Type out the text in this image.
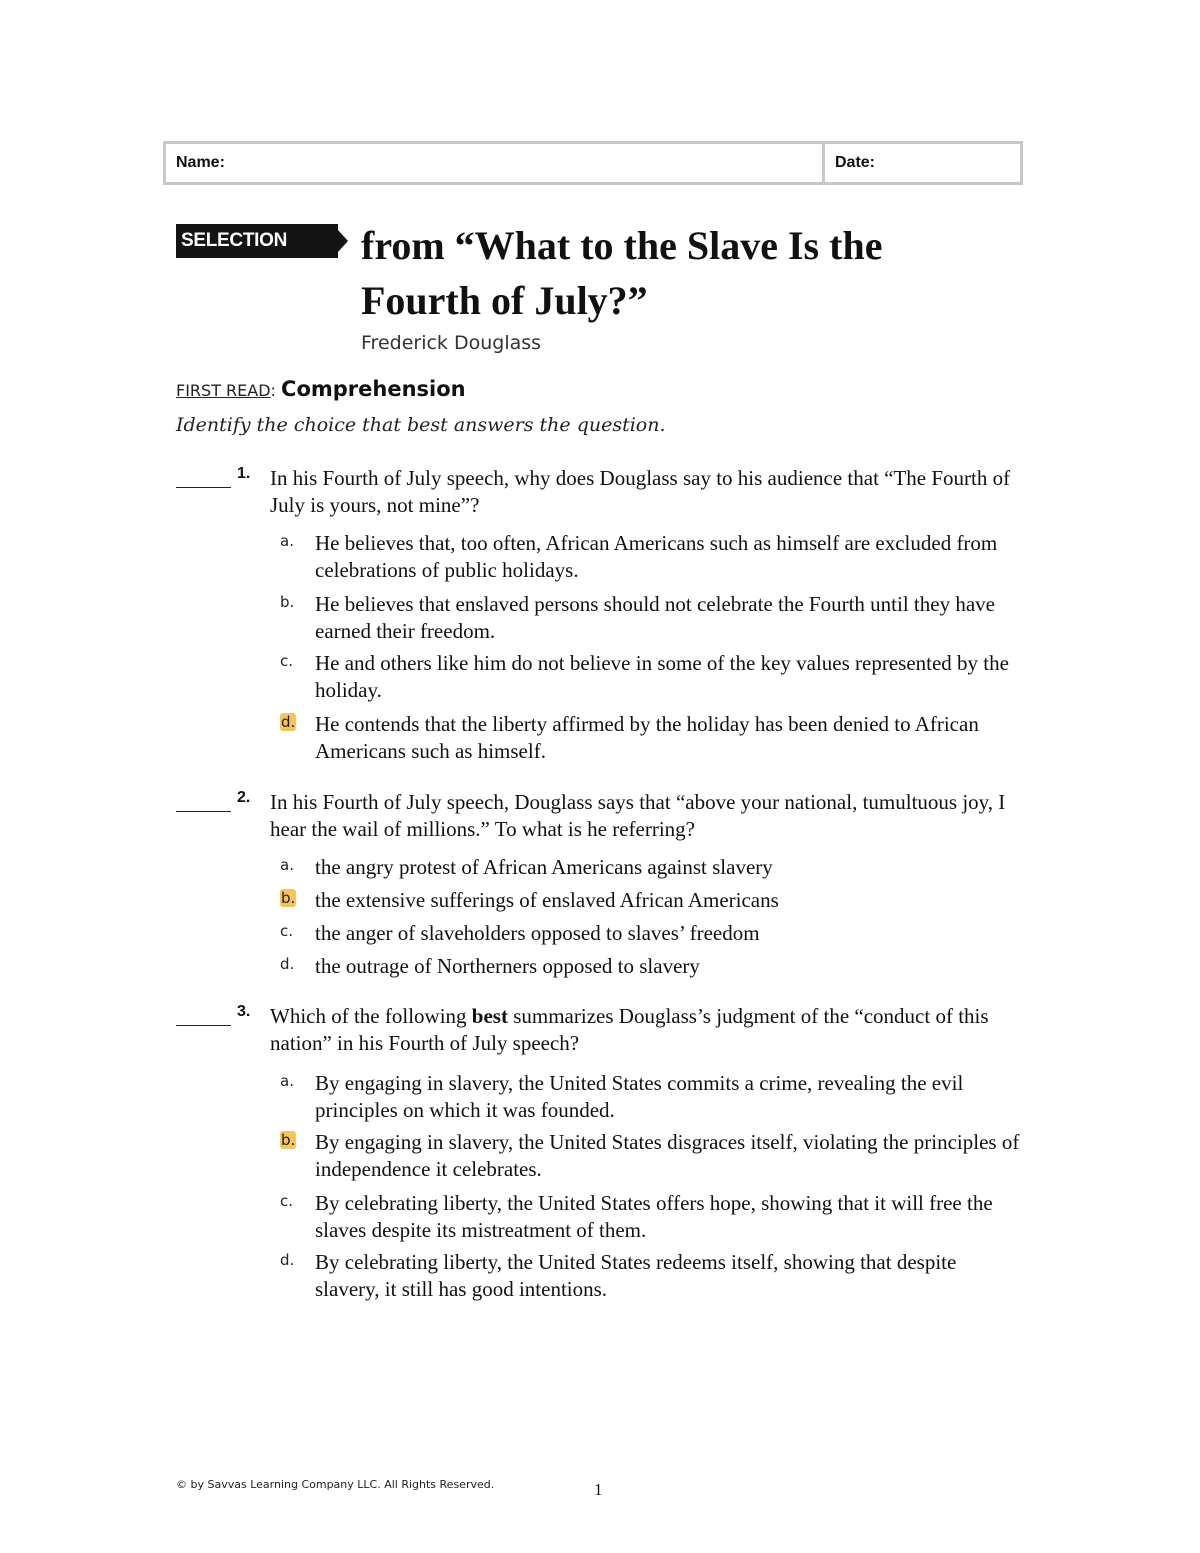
Name:	Date:
SELECTION TEST
from “What to the Slave Is the Fourth of July?”
Frederick Douglass
FIRST READ: Comprehension
Identify the choice that best answers the question.
1. In his Fourth of July speech, why does Douglass say to his audience that “The Fourth of July is yours, not mine”?
a. He believes that, too often, African Americans such as himself are excluded from celebrations of public holidays.
b. He believes that enslaved persons should not celebrate the Fourth until they have earned their freedom.
c. He and others like him do not believe in some of the key values represented by the holiday.
d. He contends that the liberty affirmed by the holiday has been denied to African Americans such as himself.
2. In his Fourth of July speech, Douglass says that “above your national, tumultuous joy, I hear the wail of millions.” To what is he referring?
a. the angry protest of African Americans against slavery
b. the extensive sufferings of enslaved African Americans
c. the anger of slaveholders opposed to slaves’ freedom
d. the outrage of Northerners opposed to slavery
3. Which of the following best summarizes Douglass’s judgment of the “conduct of this nation” in his Fourth of July speech?
a. By engaging in slavery, the United States commits a crime, revealing the evil principles on which it was founded.
b. By engaging in slavery, the United States disgraces itself, violating the principles of independence it celebrates.
c. By celebrating liberty, the United States offers hope, showing that it will free the slaves despite its mistreatment of them.
d. By celebrating liberty, the United States redeems itself, showing that despite slavery, it still has good intentions.
© by Savvas Learning Company LLC. All Rights Reserved.	1
